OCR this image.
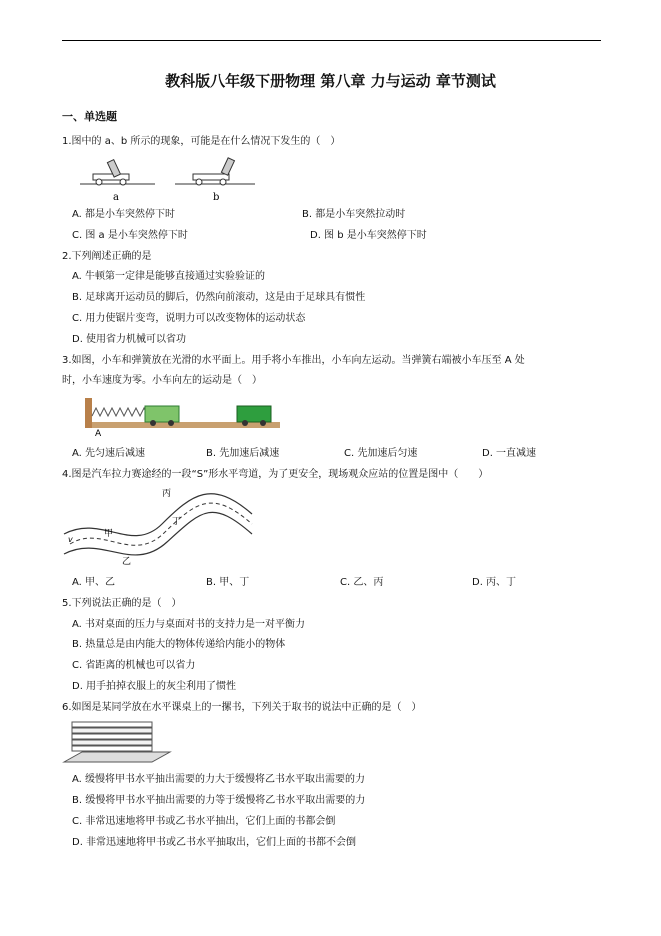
教科版八年级下册物理 第八章 力与运动 章节测试
一、单选题
1.图中的 a、b 所示的现象，可能是在什么情况下发生的（　）
a	b
A. 都是小车突然停下时	B. 都是小车突然拉动时
C. 图 a 是小车突然停下时	D. 图 b 是小车突然停下时
2.下列阐述正确的是
A. 牛顿第一定律是能够直接通过实验验证的
B. 足球离开运动员的脚后，仍然向前滚动，这是由于足球具有惯性
C. 用力使锯片变弯，说明力可以改变物体的运动状态
D. 使用省力机械可以省功
3.如图，小车和弹簧放在光滑的水平面上。用手将小车推出，小车向左运动。当弹簧右端被小车压至 A 处
时，小车速度为零。小车向左的运动是（　）
A
A. 先匀速后减速	B. 先加速后减速	C. 先加速后匀速	D. 一直减速
4.图是汽车拉力赛途经的一段“S”形水平弯道，为了更安全，现场观众应站的位置是图中（　　）
v
甲
乙
丙
丁
A. 甲、乙	B. 甲、丁	C. 乙、丙	D. 丙、丁
5.下列说法正确的是（　）
A. 书对桌面的压力与桌面对书的支持力是一对平衡力
B. 热量总是由内能大的物体传递给内能小的物体
C. 省距离的机械也可以省力
D. 用手拍掉衣服上的灰尘利用了惯性
6.如图是某同学放在水平课桌上的一摞书，下列关于取书的说法中正确的是（　）
A. 缓慢将甲书水平抽出需要的力大于缓慢将乙书水平取出需要的力
B. 缓慢将甲书水平抽出需要的力等于缓慢将乙书水平取出需要的力
C. 非常迅速地将甲书或乙书水平抽出，它们上面的书都会倒
D. 非常迅速地将甲书或乙书水平抽取出，它们上面的书都不会倒
